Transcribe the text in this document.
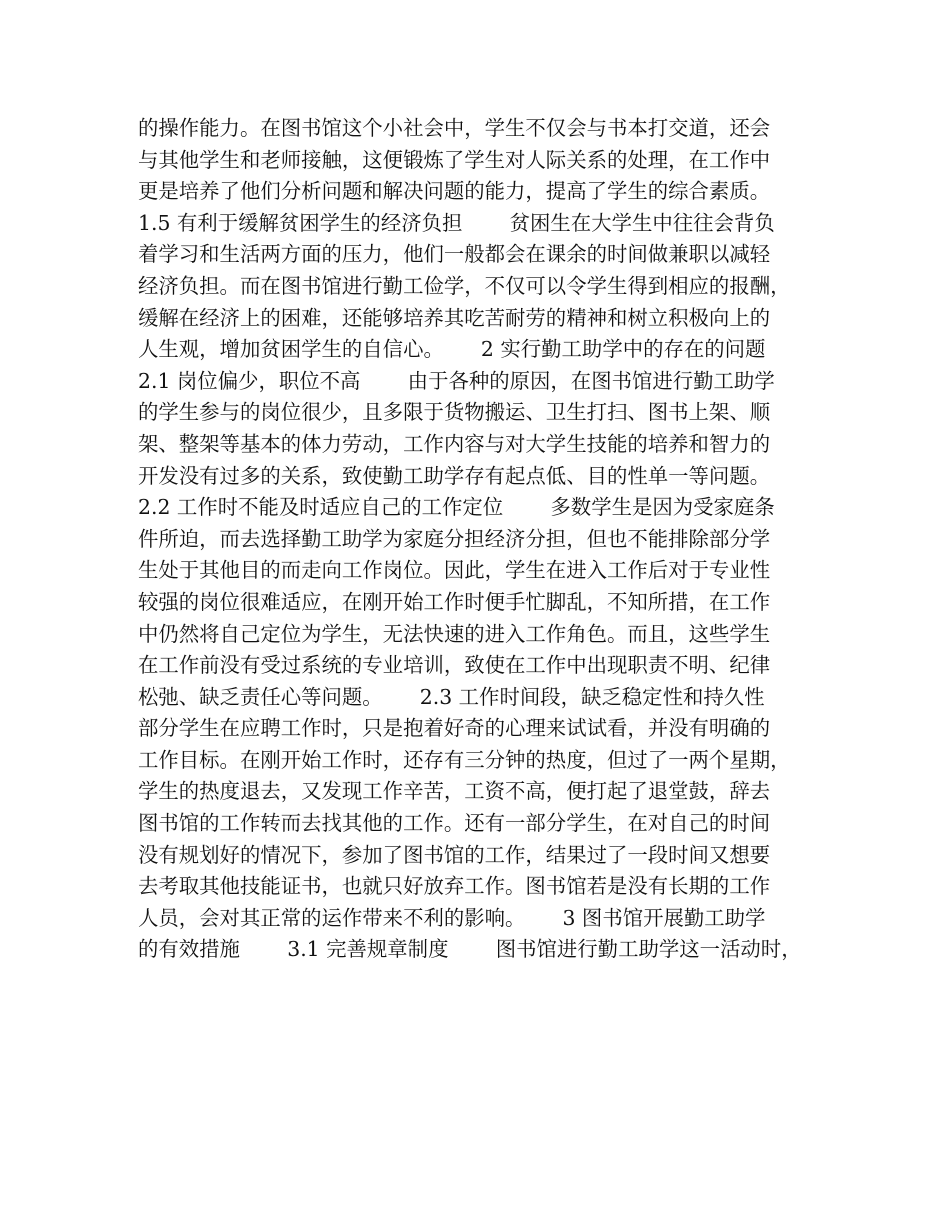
的操作能力。在图书馆这个小社会中，学生不仅会与书本打交道，还会
与其他学生和老师接触，这便锻炼了学生对人际关系的处理，在工作中
更是培养了他们分析问题和解决问题的能力，提高了学生的综合素质。
1.5 有利于缓解贫困学生的经济负担　　 贫困生在大学生中往往会背负
着学习和生活两方面的压力，他们一般都会在课余的时间做兼职以减轻
经济负担。而在图书馆进行勤工俭学，不仅可以令学生得到相应的报酬，
缓解在经济上的困难，还能够培养其吃苦耐劳的精神和树立积极向上的
人生观，增加贫困学生的自信心。　　 2 实行勤工助学中的存在的问题
2.1 岗位偏少，职位不高　　 由于各种的原因，在图书馆进行勤工助学
的学生参与的岗位很少，且多限于货物搬运、卫生打扫、图书上架、顺
架、整架等基本的体力劳动，工作内容与对大学生技能的培养和智力的
开发没有过多的关系，致使勤工助学存有起点低、目的性单一等问题。
2.2 工作时不能及时适应自己的工作定位　　 多数学生是因为受家庭条
件所迫，而去选择勤工助学为家庭分担经济分担，但也不能排除部分学
生处于其他目的而走向工作岗位。因此，学生在进入工作后对于专业性
较强的岗位很难适应，在刚开始工作时便手忙脚乱，不知所措，在工作
中仍然将自己定位为学生，无法快速的进入工作角色。而且，这些学生
在工作前没有受过系统的专业培训，致使在工作中出现职责不明、纪律
松弛、缺乏责任心等问题。　　 2.3 工作时间段，缺乏稳定性和持久性
部分学生在应聘工作时，只是抱着好奇的心理来试试看，并没有明确的
工作目标。在刚开始工作时，还存有三分钟的热度，但过了一两个星期，
学生的热度退去，又发现工作辛苦，工资不高，便打起了退堂鼓，辞去
图书馆的工作转而去找其他的工作。还有一部分学生，在对自己的时间
没有规划好的情况下，参加了图书馆的工作，结果过了一段时间又想要
去考取其他技能证书，也就只好放弃工作。图书馆若是没有长期的工作
人员，会对其正常的运作带来不利的影响。　　 3 图书馆开展勤工助学
的有效措施　　 3.1 完善规章制度　　 图书馆进行勤工助学这一活动时，
